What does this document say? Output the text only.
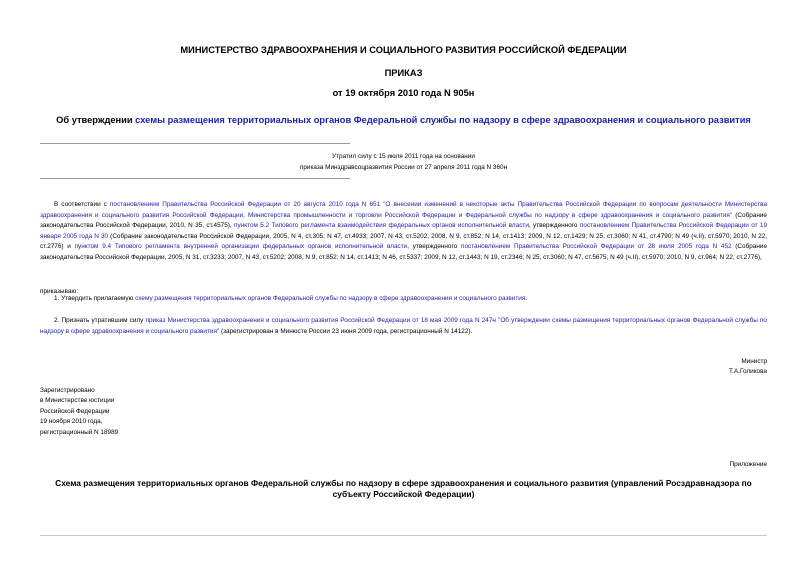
МИНИСТЕРСТВО ЗДРАВООХРАНЕНИЯ И СОЦИАЛЬНОГО РАЗВИТИЯ РОССИЙСКОЙ ФЕДЕРАЦИИ
ПРИКАЗ
от 19 октября 2010 года N 905н
Об утверждении схемы размещения территориальных органов Федеральной службы по надзору в сфере здравоохранения и социального развития
Утратил силу с 15 июля 2011 года на основании
приказа Минздравсоцразвития России от 27 апреля 2011 года N 360н
В соответствии с постановлением Правительства Российской Федерации от 20 августа 2010 года N 651 "О внесении изменений в некоторые акты Правительства Российской Федерации по вопросам деятельности Министерства здравоохранения и социального развития Российской Федерации, Министерства промышленности и торговли Российской Федерации и Федеральной службы по надзору в сфере здравоохранения и социального развития" (Собрание законодательства Российской Федерации, 2010, N 35, ст.4575), пунктом 5.2 Типового регламента взаимодействия федеральных органов исполнительной власти, утвержденного постановлением Правительства Российской Федерации от 19 января 2005 года N 30 (Собрание законодательства Российской Федерации, 2005, N 4, ст.305; N 47, ст.4933; 2007, N 43, ст.5202; 2008, N 9, ст.852; N 14, ст.1413; 2009, N 12, ст.1429; N 25, ст.3060; N 41, ст.4790; N 49 (ч.II), ст.5970; 2010, N 22, ст.2776) и пунктом 9.4 Типового регламента внутренней организации федеральных органов исполнительной власти, утвержденного постановлением Правительства Российской Федерации от 28 июля 2005 года N 452 (Собрание законодательства Российской Федерации, 2005, N 31, ст.3233; 2007, N 43, ст.5202; 2008, N 9, ст.852; N 14, ст.1413; N 46, ст.5337; 2009, N 12, ст.1443; N 19, ст.2346; N 25, ст.3060; N 47, ст.5675; N 49 (ч.II), ст.5970; 2010, N 9, ст.964; N 22, ст.2776),
приказываю:
1. Утвердить прилагаемую схему размещения территориальных органов Федеральной службы по надзору в сфере здравоохранения и социального развития.
2. Признать утратившим силу приказ Министерства здравоохранения и социального развития Российской Федерации от 18 мая 2009 года N 247н "Об утверждении схемы размещения территориальных органов Федеральной службы по надзору в сфере здравоохранения и социального развития" (зарегистрирован в Минюсте России 23 июня 2009 года, регистрационный N 14122).
Министр
Т.А.Голикова
Зарегистрировано
в Министерстве юстиции
Российской Федерации
19 ноября 2010 года,
регистрационный N 18989
Приложение
Схема размещения территориальных органов Федеральной службы по надзору в сфере здравоохранения и социального развития (управлений Росздравнадзора по субъекту Российской Федерации)
